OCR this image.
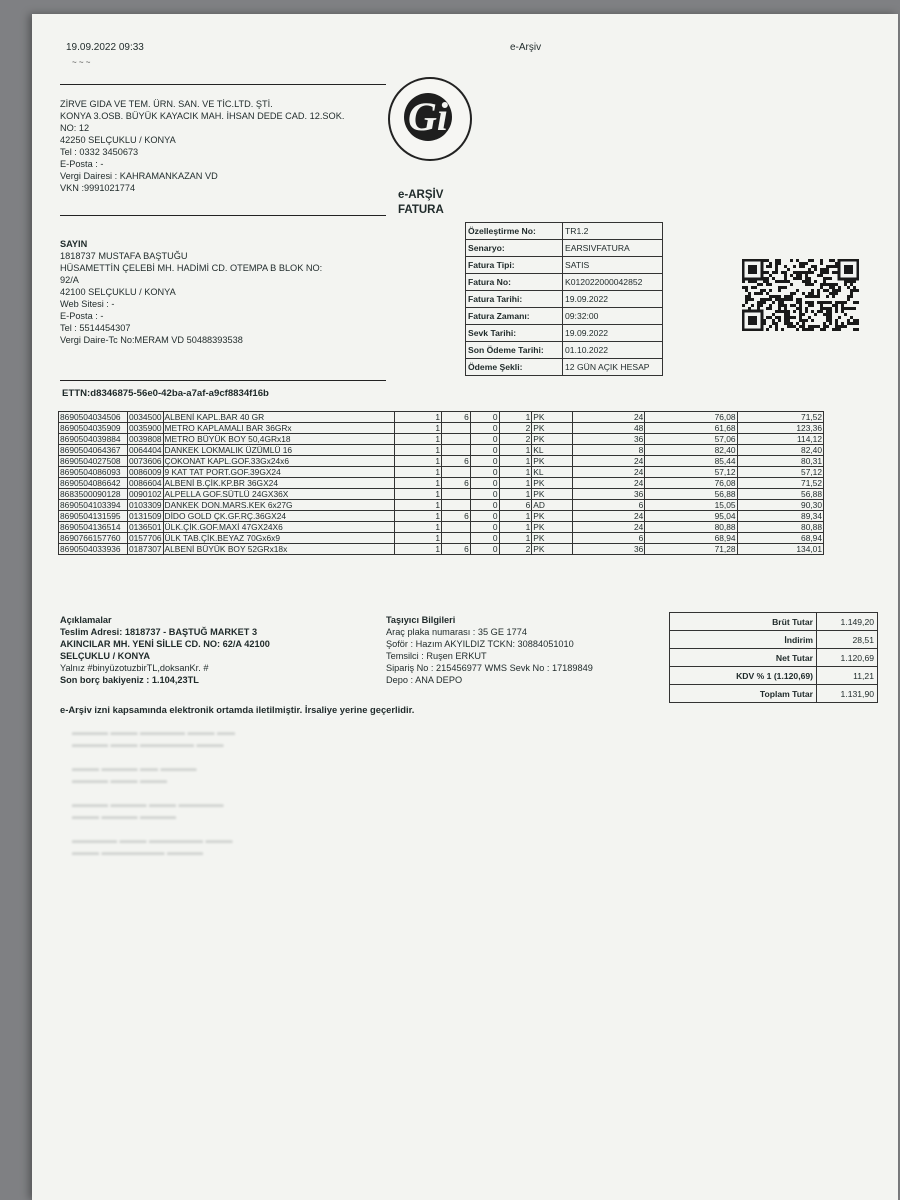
19.09.2022 09:33	e-Arşiv
~ ~ ~
ZİRVE GIDA VE TEM. ÜRN. SAN. VE TİC.LTD. ŞTİ.
KONYA 3.OSB. BÜYÜK KAYACIK MAH. İHSAN DEDE CAD. 12.SOK.
NO: 12
42250 SELÇUKLU / KONYA
Tel : 0332 3450673
E-Posta : -
Vergi Dairesi : KAHRAMANKAZAN VD
VKN :9991021774
Gi
e-ARŞİV
FATURA
SAYIN
1818737 MUSTAFA BAŞTUĞU
HÜSAMETTİN ÇELEBİ MH. HADİMİ CD. OTEMPA B BLOK NO:
92/A
42100 SELÇUKLU / KONYA
Web Sitesi : -
E-Posta : -
Tel : 5514454307
Vergi Daire-Tc No:MERAM VD 50488393538
ETTN:d8346875-56e0-42ba-a7af-a9cf8834f16b
Özelleştirme No:	TR1.2
Senaryo:	EARSIVFATURA
Fatura Tipi:	SATIS
Fatura No:	K012022000042852
Fatura Tarihi:	19.09.2022
Fatura Zamanı:	09:32:00
Sevk Tarihi:	19.09.2022
Son Ödeme Tarihi:	01.10.2022
Ödeme Şekli:	12 GÜN AÇIK HESAP
8690504034506	0034500	ALBENİ KAPL.BAR 40 GR	1	6	0	1	PK	24	76,08	71,52
8690504035909	0035900	METRO KAPLAMALI BAR 36GRx	1		0	2	PK	48	61,68	123,36
8690504039884	0039808	METRO BÜYÜK BOY 50,4GRx18	1		0	2	PK	36	57,06	114,12
8690504064367	0064404	DANKEK LOKMALIK ÜZÜMLÜ 16	1		0	1	KL	8	82,40	82,40
8690504027508	0073606	ÇOKONAT KAPL.GOF.33Gx24x6	1	6	0	1	PK	24	85,44	80,31
8690504086093	0086009	9 KAT TAT PORT.GOF.39GX24	1		0	1	KL	24	57,12	57,12
8690504086642	0086604	ALBENİ B.ÇİK.KP.BR 36GX24	1	6	0	1	PK	24	76,08	71,52
8683500090128	0090102	ALPELLA GOF.SÜTLÜ 24GX36X	1		0	1	PK	36	56,88	56,88
8690504103394	0103309	DANKEK DON.MARS.KEK 6x27G	1		0	6	AD	6	15,05	90,30
8690504131595	0131509	DİDO GOLD ÇK.GF.RÇ.36GX24	1	6	0	1	PK	24	95,04	89,34
8690504136514	0136501	ÜLK.ÇİK.GOF.MAXİ 47GX24X6	1		0	1	PK	24	80,88	80,88
8690766157760	0157706	ÜLK TAB.ÇİK.BEYAZ 70Gx6x9	1		0	1	PK	6	68,94	68,94
8690504033936	0187307	ALBENİ BÜYÜK BOY 52GRx18x	1	6	0	2	PK	36	71,28	134,01
Açıklamalar
Teslim Adresi: 1818737 - BAŞTUĞ MARKET 3
AKINCILAR MH. YENİ SİLLE CD. NO: 62/A 42100
SELÇUKLU / KONYA
Yalnız #binyüzotuzbirTL,doksanKr. #
Son borç bakiyeniz : 1.104,23TL
Taşıyıcı Bilgileri
Araç plaka numarası : 35 GE 1774
Şoför : Hazım AKYILDIZ TCKN: 30884051010
Temsilci : Ruşen ERKUT
Sipariş No : 215456977 WMS Sevk No : 17189849
Depo : ANA DEPO
Brüt Tutar	1.149,20
İndirim	28,51
Net Tutar	1.120,69
KDV % 1 (1.120,69)	11,21
Toplam Tutar	1.131,90
e-Arşiv izni kapsamında elektronik ortamda iletilmiştir. İrsaliye yerine geçerlidir.
▬▬▬▬ ▬▬▬ ▬▬▬▬▬ ▬▬▬ ▬▬
▬▬▬▬ ▬▬▬ ▬▬▬▬▬▬ ▬▬▬

▬▬▬ ▬▬▬▬ ▬▬ ▬▬▬▬
▬▬▬▬ ▬▬▬ ▬▬▬

▬▬▬▬ ▬▬▬▬ ▬▬▬ ▬▬▬▬▬
▬▬▬ ▬▬▬▬ ▬▬▬▬

▬▬▬▬▬ ▬▬▬ ▬▬▬▬▬▬ ▬▬▬
▬▬▬ ▬▬▬▬▬▬▬ ▬▬▬▬
